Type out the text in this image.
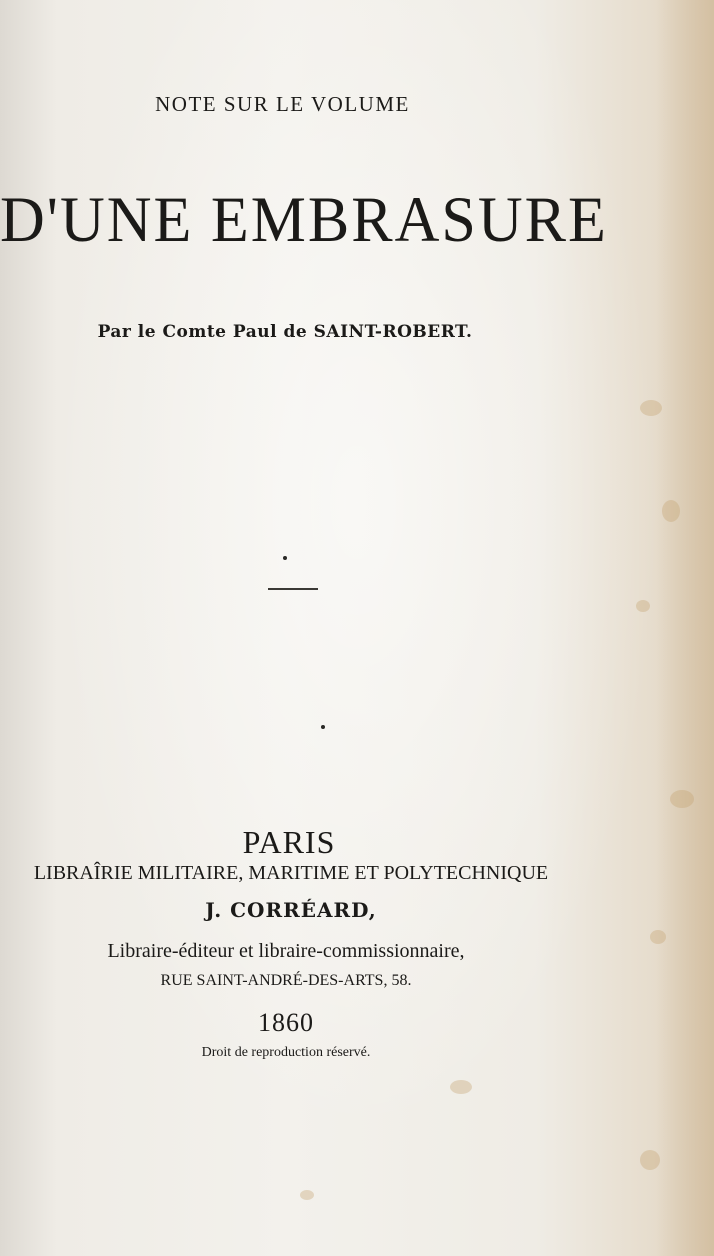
NOTE SUR LE VOLUME
D'UNE EMBRASURE
Par le Comte Paul de SAINT-ROBERT.
PARIS
LIBRAÎRIE MILITAIRE, MARITIME ET POLYTECHNIQUE
J. CORRÉARD,
Libraire-éditeur et libraire-commissionnaire,
RUE SAINT-ANDRÉ-DES-ARTS, 58.
1860
Droit de reproduction réservé.
